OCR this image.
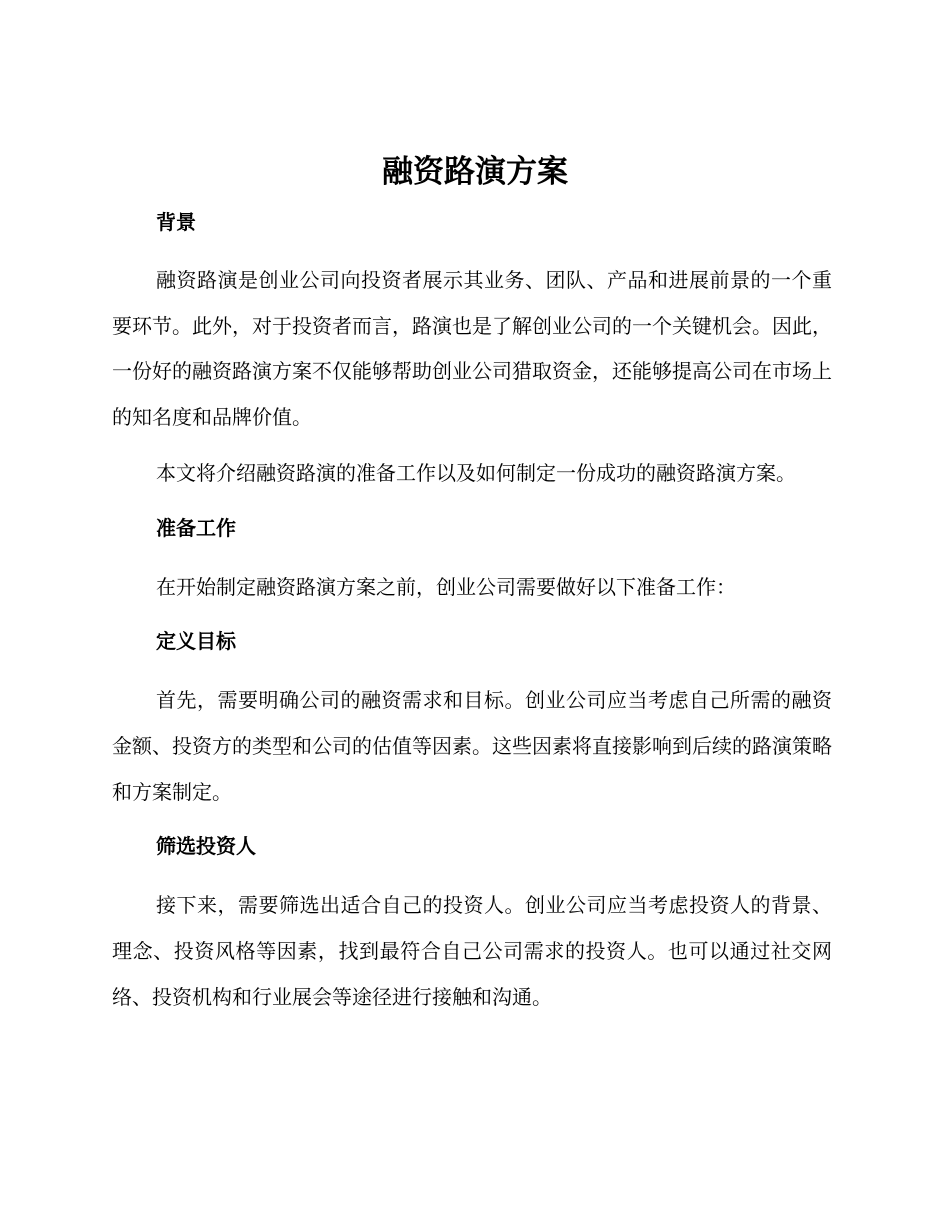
融资路演方案
背景

融资路演是创业公司向投资者展示其业务、团队、产品和进展前景的一个重要环节。此外，对于投资者而言，路演也是了解创业公司的一个关键机会。因此，一份好的融资路演方案不仅能够帮助创业公司猎取资金，还能够提高公司在市场上的知名度和品牌价值。

本文将介绍融资路演的准备工作以及如何制定一份成功的融资路演方案。

准备工作

在开始制定融资路演方案之前，创业公司需要做好以下准备工作：

定义目标

首先，需要明确公司的融资需求和目标。创业公司应当考虑自己所需的融资金额、投资方的类型和公司的估值等因素。这些因素将直接影响到后续的路演策略和方案制定。

筛选投资人

接下来，需要筛选出适合自己的投资人。创业公司应当考虑投资人的背景、理念、投资风格等因素，找到最符合自己公司需求的投资人。也可以通过社交网络、投资机构和行业展会等途径进行接触和沟通。
